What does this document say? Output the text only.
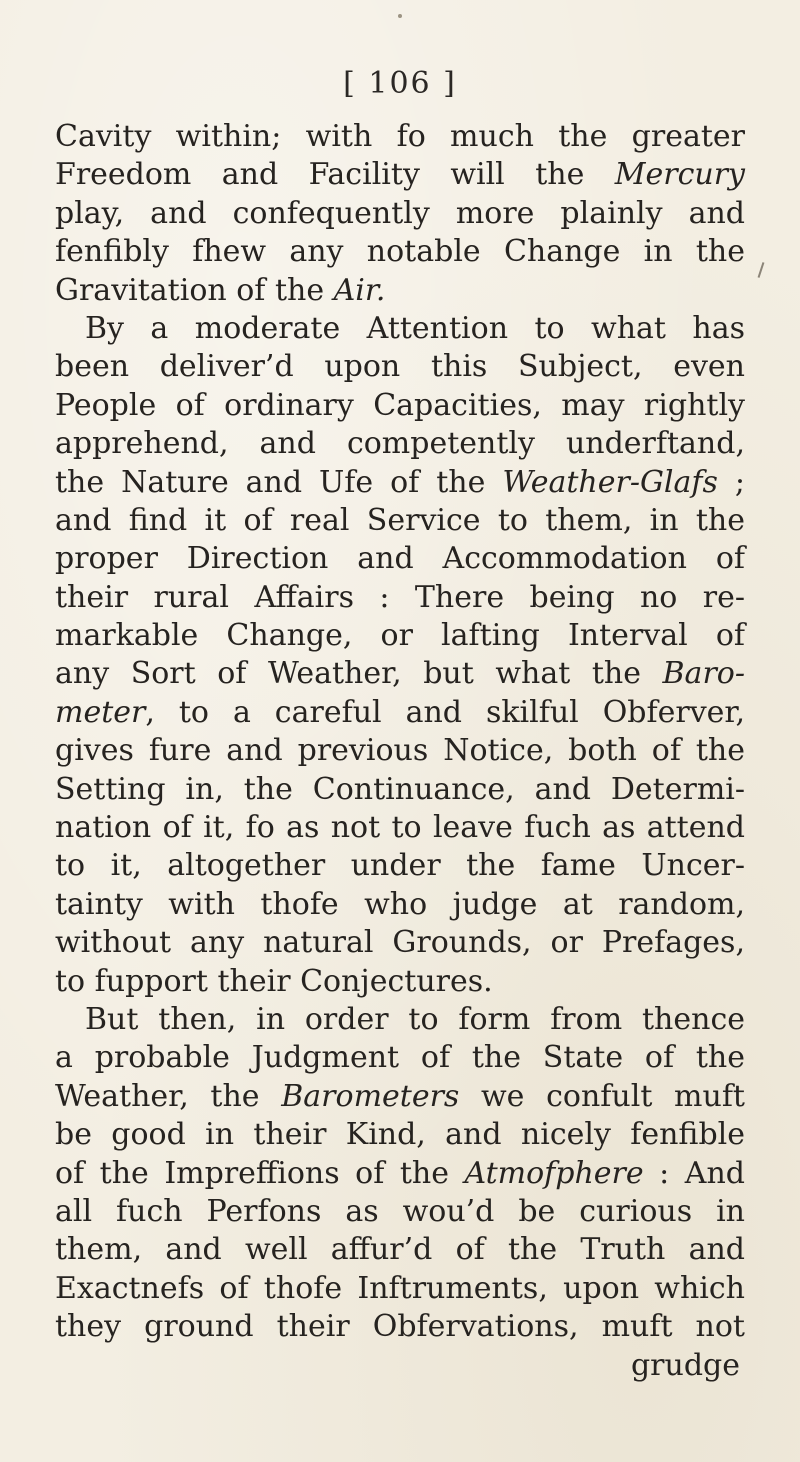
[ 106 ]
Cavity within; with fo much the greater
Freedom and Facility will the Mercury
play, and confequently more plainly and
fenfibly fhew any notable Change in the
Gravitation of the Air.
By a moderate Attention to what has
been deliver’d upon this Subject, even
People of ordinary Capacities, may rightly
apprehend, and competently underftand,
the Nature and Ufe of the Weather-Glafs ;
and find it of real Service to them, in the
proper Direction and Accommodation of
their rural Affairs : There being no re-
markable Change, or lafting Interval of
any Sort of Weather, but what the Baro-
meter, to a careful and skilful Obferver,
gives fure and previous Notice, both of the
Setting in, the Continuance, and Determi-
nation of it, fo as not to leave fuch as attend
to it, altogether under the fame Uncer-
tainty with thofe who judge at random,
without any natural Grounds, or Prefages,
to fupport their Conjectures.
But then, in order to form from thence
a probable Judgment of the State of the
Weather, the Barometers we confult muft
be good in their Kind, and nicely fenfible
of the Impreffions of the Atmofphere : And
all fuch Perfons as wou’d be curious in
them, and well affur’d of the Truth and
Exactnefs of thofe Inftruments, upon which
they ground their Obfervations, muft not
grudge
